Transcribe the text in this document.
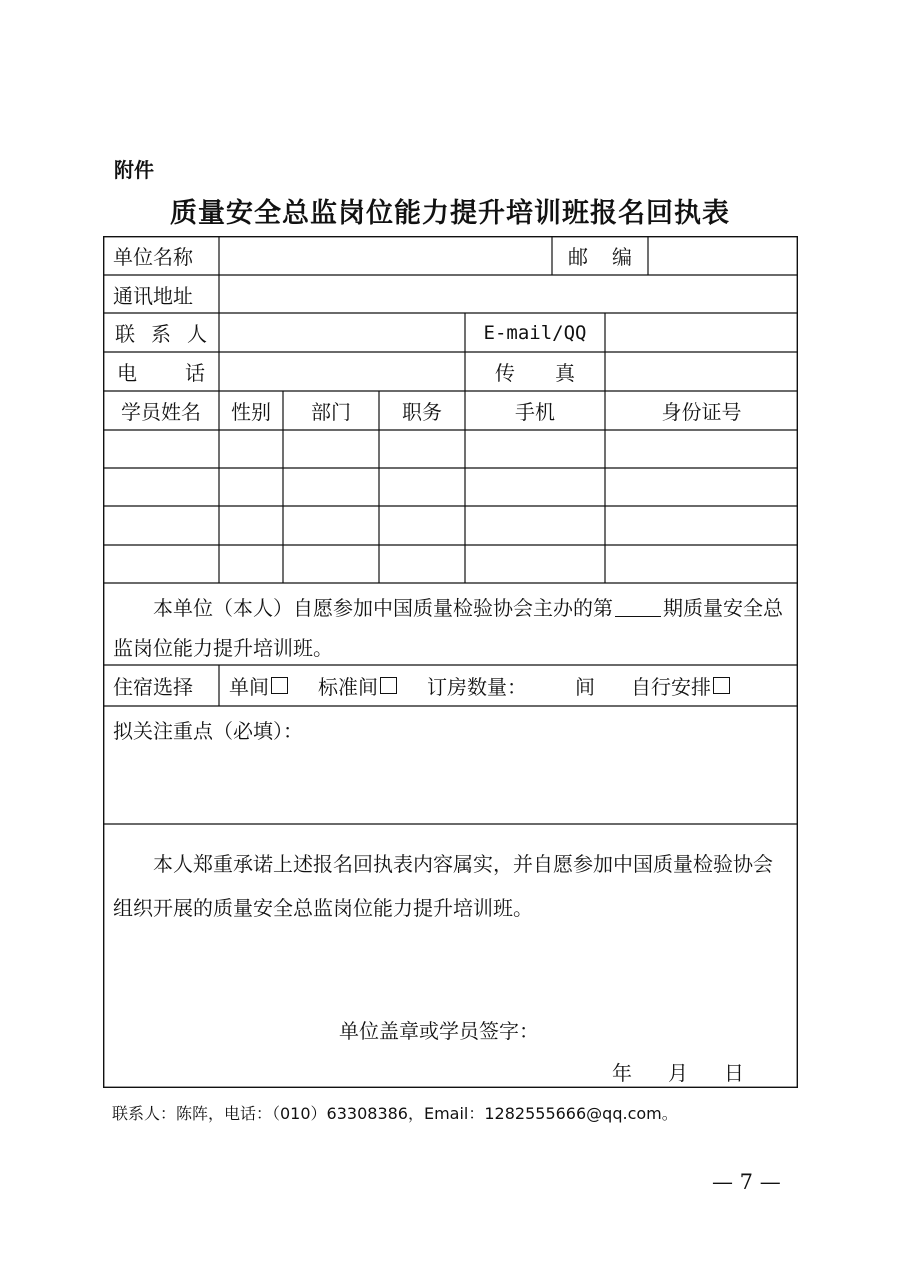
附件
质量安全总监岗位能力提升培训班报名回执表
单位名称	邮 编
通讯地址
联 系 人	E-mail/QQ
电 话	传 真
学员姓名	性别	部门	职务	手机	身份证号
本单位（本人）自愿参加中国质量检验协会主办的第	期质量安全总监岗位能力提升培训班。
住宿选择	单间 标准间 订房数量： 间 自行安排
拟关注重点（必填）：
本人郑重承诺上述报名回执表内容属实，并自愿参加中国质量检验协会组织开展的质量安全总监岗位能力提升培训班。
单位盖章或学员签字：
年 月 日
联系人：陈阵，电话：（010）63308386，Email：1282555666@qq.com。
— 7 —
